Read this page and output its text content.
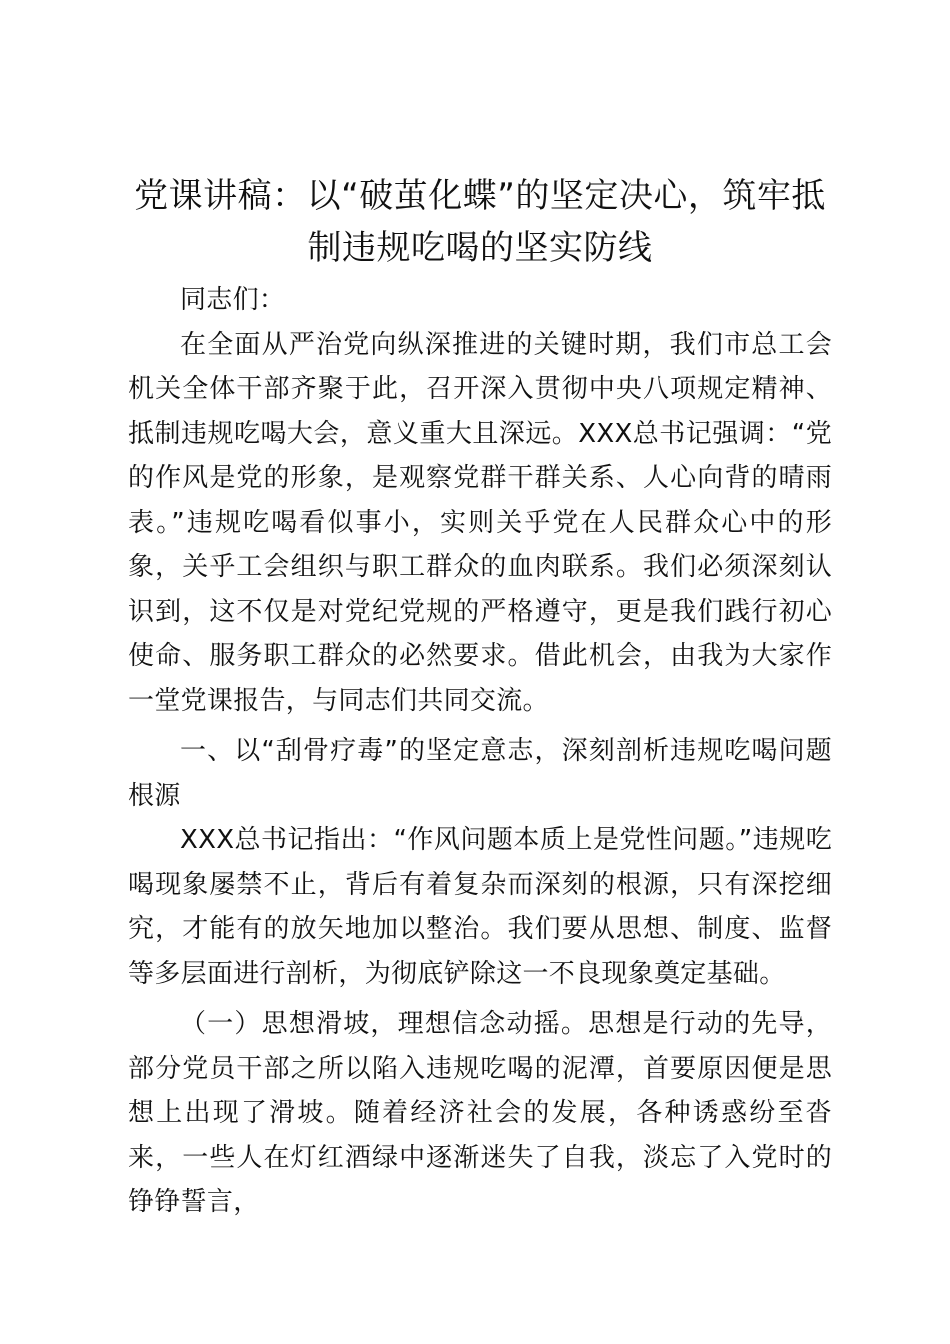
党课讲稿：以“破茧化蝶”的坚定决心，筑牢抵制违规吃喝的坚实防线

同志们：

在全面从严治党向纵深推进的关键时期，我们市总工会机关全体干部齐聚于此，召开深入贯彻中央八项规定精神、抵制违规吃喝大会，意义重大且深远。XXX总书记强调：“党的作风是党的形象，是观察党群干群关系、人心向背的晴雨表。”违规吃喝看似事小，实则关乎党在人民群众心中的形象，关乎工会组织与职工群众的血肉联系。我们必须深刻认识到，这不仅是对党纪党规的严格遵守，更是我们践行初心使命、服务职工群众的必然要求。借此机会，由我为大家作一堂党课报告，与同志们共同交流。

一、以“刮骨疗毒”的坚定意志，深刻剖析违规吃喝问题根源

XXX总书记指出：“作风问题本质上是党性问题。”违规吃喝现象屡禁不止，背后有着复杂而深刻的根源，只有深挖细究，才能有的放矢地加以整治。我们要从思想、制度、监督等多层面进行剖析，为彻底铲除这一不良现象奠定基础。

（一）思想滑坡，理想信念动摇。思想是行动的先导，部分党员干部之所以陷入违规吃喝的泥潭，首要原因便是思想上出现了滑坡。随着经济社会的发展，各种诱惑纷至沓来，一些人在灯红酒绿中逐渐迷失了自我，淡忘了入党时的铮铮誓言，
